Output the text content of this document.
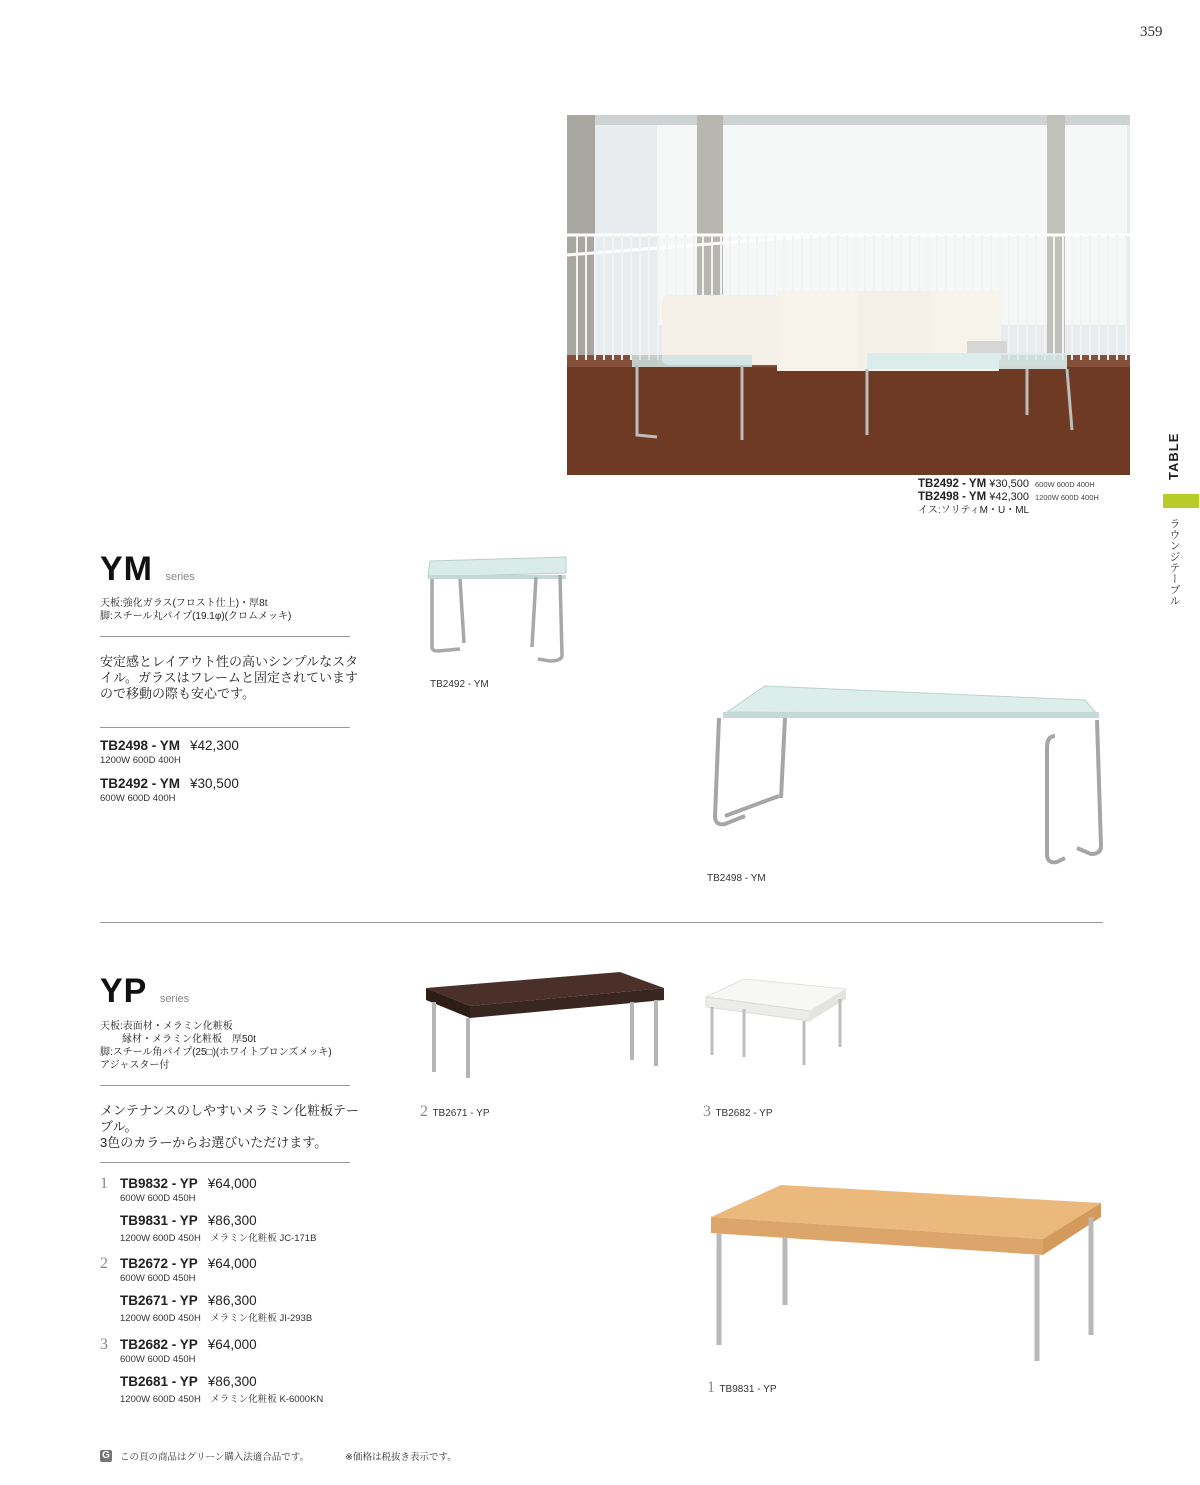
359
TB2492 - YM ¥30,500 600W 600D 400H
TB2498 - YM ¥42,300 1200W 600D 400H
イス:ソリティM・U・ML
TABLE
ラウンジテーブル
YM series
天板:強化ガラス(フロスト仕上)・厚8t
脚:スチール丸パイプ(19.1φ)(クロムメッキ)
安定感とレイアウト性の高いシンプルなスタ
イル。ガラスはフレームと固定されています
ので移動の際も安心です。
TB2498 - YM ¥42,300
1200W 600D 400H
TB2492 - YM ¥30,500
600W 600D 400H
TB2492 - YM
TB2498 - YM
YP series
天板:表面材・メラミン化粧板
縁材・メラミン化粧板　厚50t
脚:スチール角パイプ(25□)(ホワイトブロンズメッキ)
アジャスター付
メンテナンスのしやすいメラミン化粧板テーブル。
3色のカラーからお選びいただけます。
1 TB9832 - YP ¥64,000
600W 600D 450H
TB9831 - YP ¥86,300
1200W 600D 450H　メラミン化粧板 JC-171B
2 TB2672 - YP ¥64,000
600W 600D 450H
TB2671 - YP ¥86,300
1200W 600D 450H　メラミン化粧板 JI-293B
3 TB2682 - YP ¥64,000
600W 600D 450H
TB2681 - YP ¥86,300
1200W 600D 450H　メラミン化粧板 K-6000KN
2 TB2671 - YP	3 TB2682 - YP
1 TB9831 - YP
G この頁の商品はグリーン購入法適合品です。	※価格は税抜き表示です。
